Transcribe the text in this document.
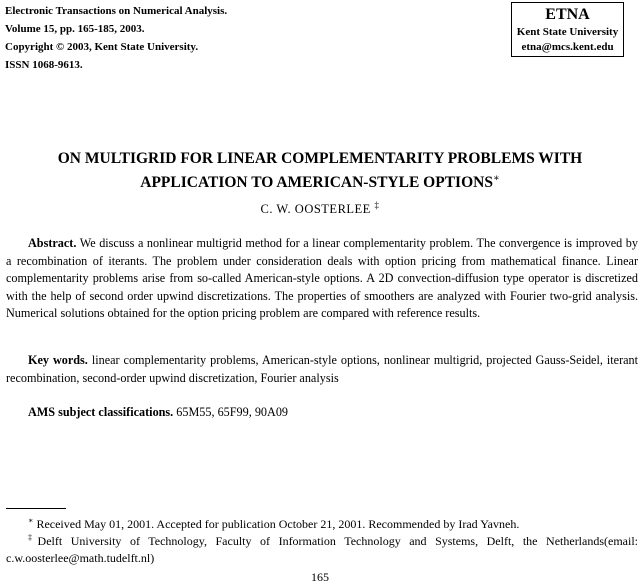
Electronic Transactions on Numerical Analysis.
Volume 15, pp. 165-185, 2003.
Copyright © 2003, Kent State University.
ISSN 1068-9613.
ETNA
Kent State University
etna@mcs.kent.edu
ON MULTIGRID FOR LINEAR COMPLEMENTARITY PROBLEMS WITH APPLICATION TO AMERICAN-STYLE OPTIONS∗
C. W. OOSTERLEE ‡
Abstract. We discuss a nonlinear multigrid method for a linear complementarity problem. The convergence is improved by a recombination of iterants. The problem under consideration deals with option pricing from mathematical finance. Linear complementarity problems arise from so-called American-style options. A 2D convection-diffusion type operator is discretized with the help of second order upwind discretizations. The properties of smoothers are analyzed with Fourier two-grid analysis. Numerical solutions obtained for the option pricing problem are compared with reference results.
Key words. linear complementarity problems, American-style options, nonlinear multigrid, projected Gauss-Seidel, iterant recombination, second-order upwind discretization, Fourier analysis
AMS subject classifications. 65M55, 65F99, 90A09
∗ Received May 01, 2001. Accepted for publication October 21, 2001. Recommended by Irad Yavneh.
‡Delft University of Technology, Faculty of Information Technology and Systems, Delft, the Netherlands(email: c.w.oosterlee@math.tudelft.nl)
165
